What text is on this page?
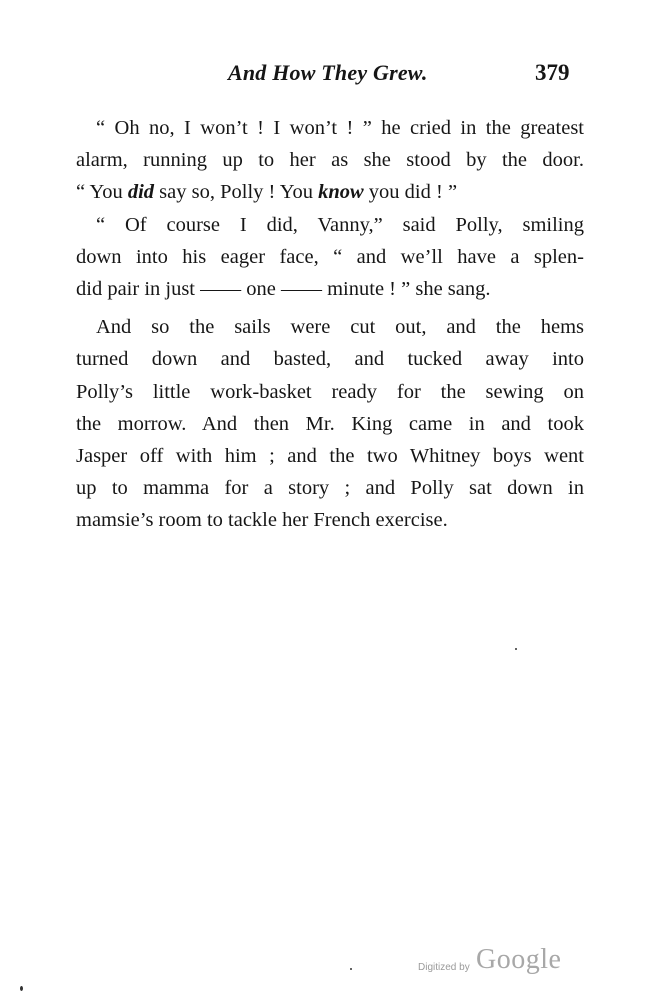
And How They Grew.	379
“ Oh no, I won’t ! I won’t ! ” he cried in the greatest
alarm, running up to her as she stood by the door.
“ You did say so, Polly ! You know you did ! ”
“ Of course I did, Vanny,” said Polly, smiling
down into his eager face, “ and we’ll have a splen-
did pair in just —— one —— minute ! ” she sang.
And so the sails were cut out, and the hems
turned down and basted, and tucked away into
Polly’s little work-basket ready for the sewing on
the morrow. And then Mr. King came in and took
Jasper off with him ; and the two Whitney boys went
up to mamma for a story ; and Polly sat down in
mamsie’s room to tackle her French exercise.
Digitized by Google
